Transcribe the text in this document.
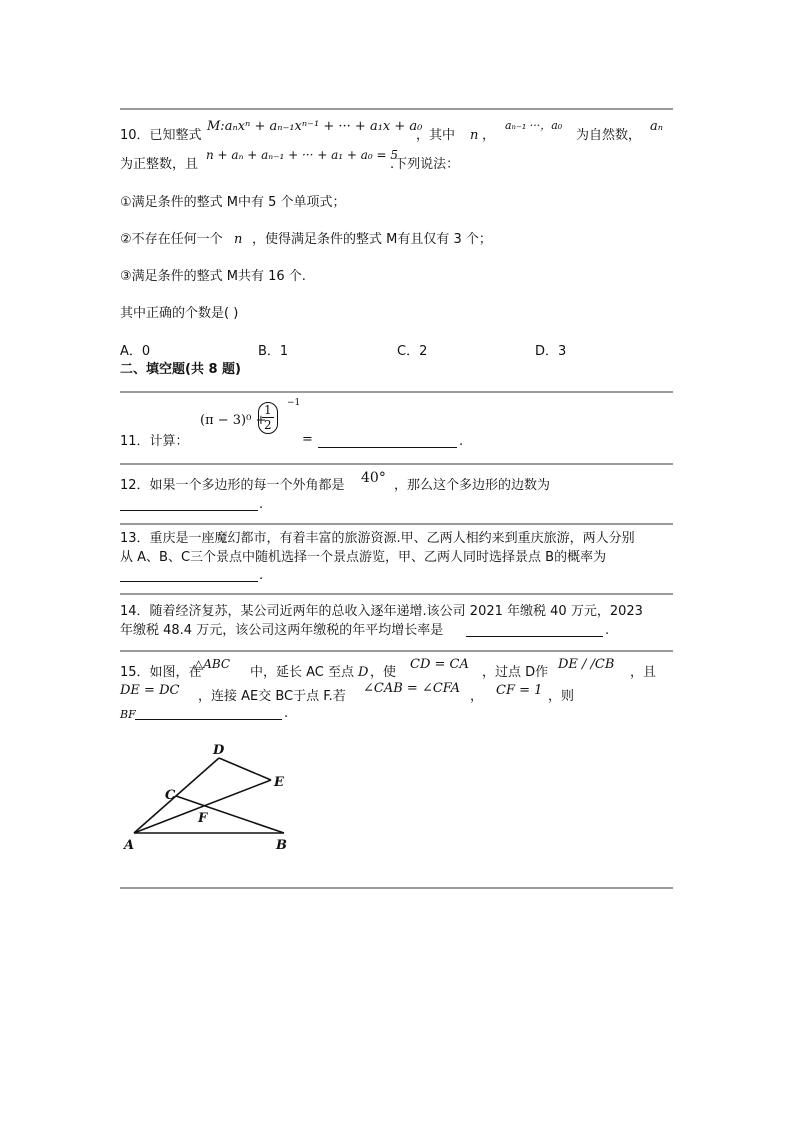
10．已知整式
M:aₙxⁿ + aₙ₋₁xⁿ⁻¹ + ··· + a₁x + a₀
，其中 n ，
aₙ₋₁ ···，a₀
为自然数，
aₙ
为正整数，且
n + aₙ + aₙ₋₁ + ··· + a₁ + a₀ = 5
.下列说法：
①满足条件的整式 M中有 5 个单项式；
②不存在任何一个 n ，使得满足条件的整式 M有且仅有 3 个；
③满足条件的整式 M共有 16 个.
其中正确的个数是( )
A．0	B．1	C．2	D．3
二、填空题(共 8 题)
11．计算：
(π − 3)⁰ +
$\frac{1}{2} -1$
=	.
12．如果一个多边形的每一个外角都是 40° ，那么这个多边形的边数为
.
13．重庆是一座魔幻都市，有着丰富的旅游资源.甲、乙两人相约来到重庆旅游，两人分别
从 A、B、C三个景点中随机选择一个景点游览，甲、乙两人同时选择景点 B的概率为
.
14．随着经济复苏，某公司近两年的总收入逐年递增.该公司 2021 年缴税 40 万元，2023
年缴税 48.4 万元，该公司这两年缴税的年平均增长率是	.
15．如图，在
△ABC
中，延长 AC 至点 D ，使
CD = CA
，过点 D作
DE / /CB
，且
DE = DC ，连接 AE交 BC于点 F.若
∠CAB = ∠CFA
， CF = 1 ，则
BF	.
D
E
C
F
A	B
